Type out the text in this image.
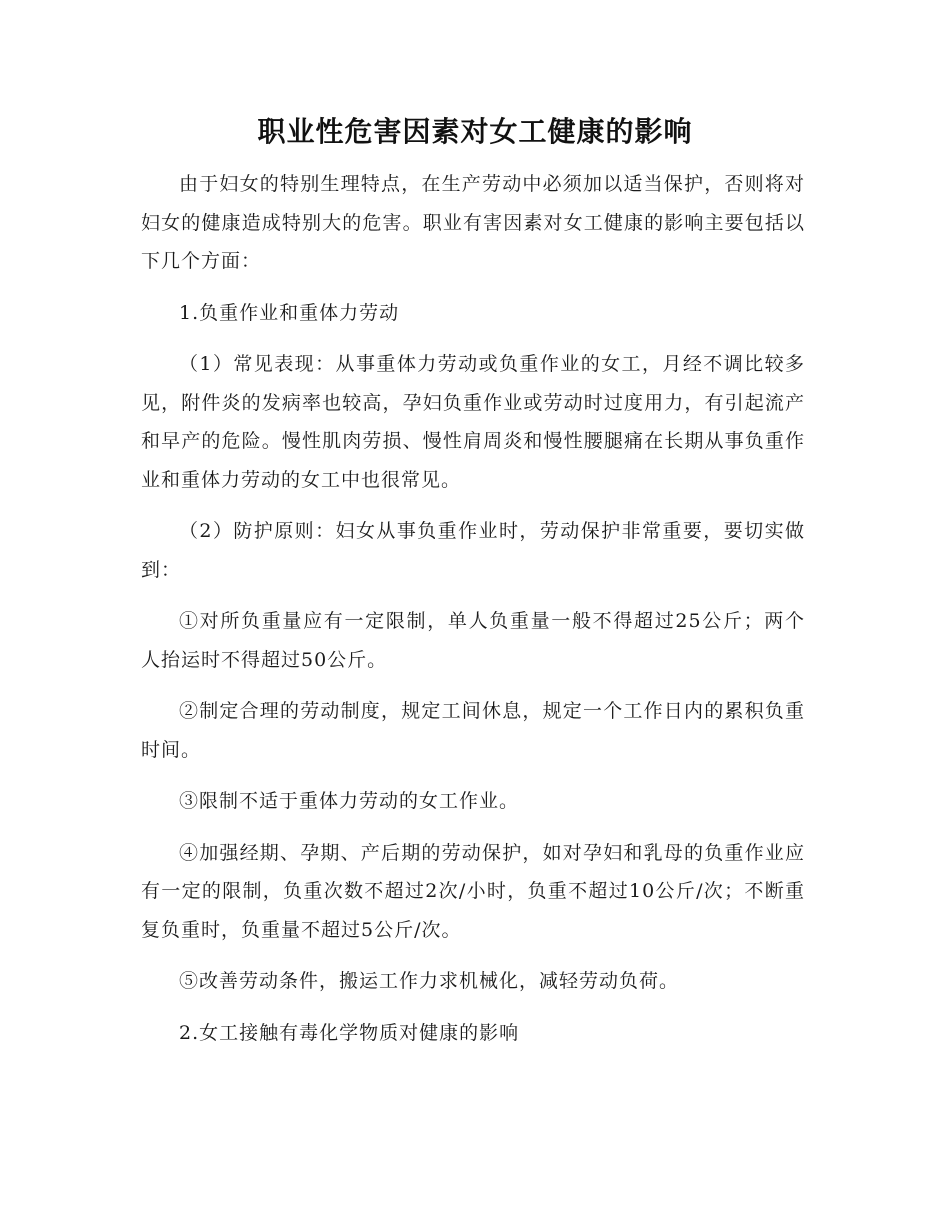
职业性危害因素对女工健康的影响

由于妇女的特别生理特点，在生产劳动中必须加以适当保护，否则将对妇女的健康造成特别大的危害。职业有害因素对女工健康的影响主要包括以下几个方面：

1.负重作业和重体力劳动

（1）常见表现：从事重体力劳动或负重作业的女工，月经不调比较多见，附件炎的发病率也较高，孕妇负重作业或劳动时过度用力，有引起流产和早产的危险。慢性肌肉劳损、慢性肩周炎和慢性腰腿痛在长期从事负重作业和重体力劳动的女工中也很常见。

（2）防护原则：妇女从事负重作业时，劳动保护非常重要，要切实做到：

①对所负重量应有一定限制，单人负重量一般不得超过25公斤；两个人抬运时不得超过50公斤。

②制定合理的劳动制度，规定工间休息，规定一个工作日内的累积负重时间。

③限制不适于重体力劳动的女工作业。

④加强经期、孕期、产后期的劳动保护，如对孕妇和乳母的负重作业应有一定的限制，负重次数不超过2次/小时，负重不超过10公斤/次；不断重复负重时，负重量不超过5公斤/次。

⑤改善劳动条件，搬运工作力求机械化，减轻劳动负荷。

2.女工接触有毒化学物质对健康的影响
